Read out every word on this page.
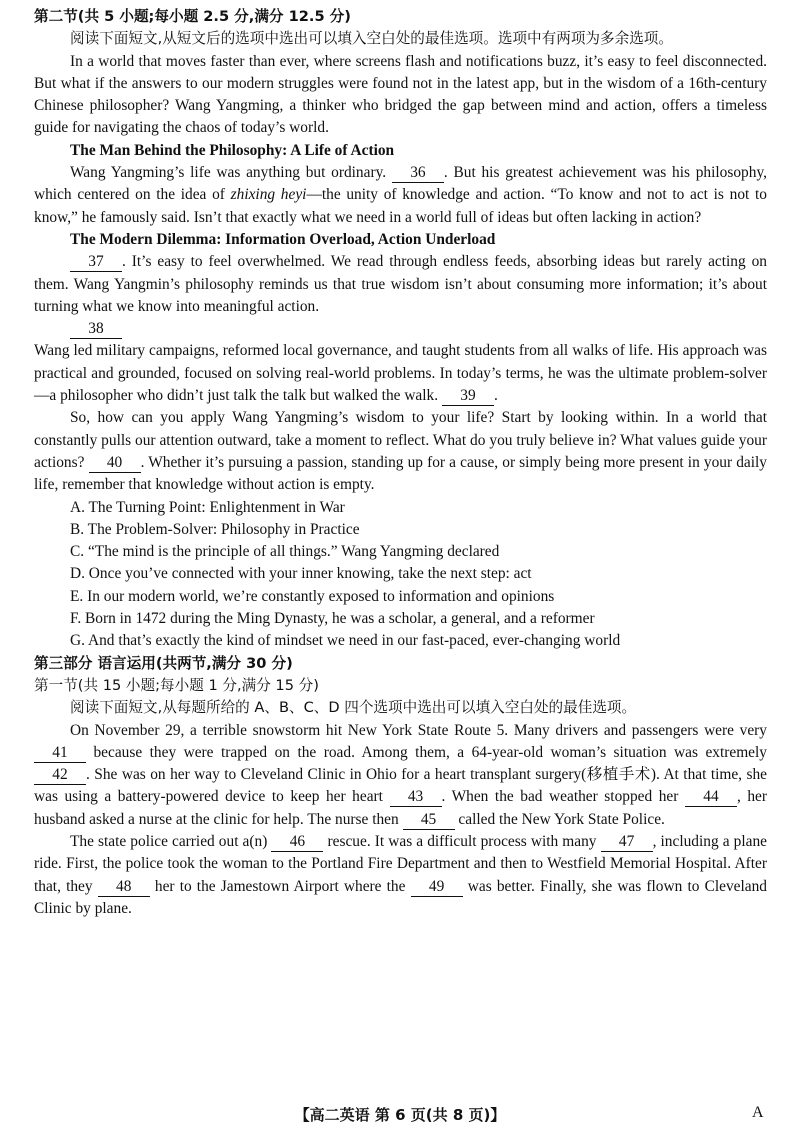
第二节(共 5 小题;每小题 2.5 分,满分 12.5 分)

阅读下面短文,从短文后的选项中选出可以填入空白处的最佳选项。选项中有两项为多余选项。

In a world that moves faster than ever, where screens flash and notifications buzz, it’s easy to feel disconnected. But what if the answers to our modern struggles were found not in the latest app, but in the wisdom of a 16th-century Chinese philosopher? Wang Yangming, a thinker who bridged the gap between mind and action, offers a timeless guide for navigating the chaos of today’s world.

The Man Behind the Philosophy: A Life of Action

Wang Yangming’s life was anything but ordinary. 36 . But his greatest achievement was his philosophy, which centered on the idea of zhixing heyi—the unity of knowledge and action. “To know and not to act is not to know,” he famously said. Isn’t that exactly what we need in a world full of ideas but often lacking in action?

The Modern Dilemma: Information Overload, Action Underload

37 . It’s easy to feel overwhelmed. We read through endless feeds, absorbing ideas but rarely acting on them. Wang Yangmin’s philosophy reminds us that true wisdom isn’t about consuming more information; it’s about turning what we know into meaningful action.

38

Wang led military campaigns, reformed local governance, and taught students from all walks of life. His approach was practical and grounded, focused on solving real-world problems. In today’s terms, he was the ultimate problem-solver—a philosopher who didn’t just talk the talk but walked the walk. 39 .

So, how can you apply Wang Yangming’s wisdom to your life? Start by looking within. In a world that constantly pulls our attention outward, take a moment to reflect. What do you truly believe in? What values guide your actions? 40 . Whether it’s pursuing a passion, standing up for a cause, or simply being more present in your daily life, remember that knowledge without action is empty.

A. The Turning Point: Enlightenment in War

B. The Problem-Solver: Philosophy in Practice

C. “The mind is the principle of all things.” Wang Yangming declared

D. Once you’ve connected with your inner knowing, take the next step: act

E. In our modern world, we’re constantly exposed to information and opinions

F. Born in 1472 during the Ming Dynasty, he was a scholar, a general, and a reformer

G. And that’s exactly the kind of mindset we need in our fast-paced, ever-changing world

第三部分 语言运用(共两节,满分 30 分)

第一节(共 15 小题;每小题 1 分,满分 15 分)

阅读下面短文,从每题所给的 A、B、C、D 四个选项中选出可以填入空白处的最佳选项。

On November 29, a terrible snowstorm hit New York State Route 5. Many drivers and passengers were very 41 because they were trapped on the road. Among them, a 64-year-old woman’s situation was extremely 42 . She was on her way to Cleveland Clinic in Ohio for a heart transplant surgery(移植手术). At that time, she was using a battery-powered device to keep her heart 43 . When the bad weather stopped her 44 , her husband asked a nurse at the clinic for help. The nurse then 45 called the New York State Police.

The state police carried out a(n) 46 rescue. It was a difficult process with many 47 , including a plane ride. First, the police took the woman to the Portland Fire Department and then to Westfield Memorial Hospital. After that, they 48 her to the Jamestown Airport where the 49 was better. Finally, she was flown to Cleveland Clinic by plane.

【高二英语 第 6 页(共 8 页)】	A
